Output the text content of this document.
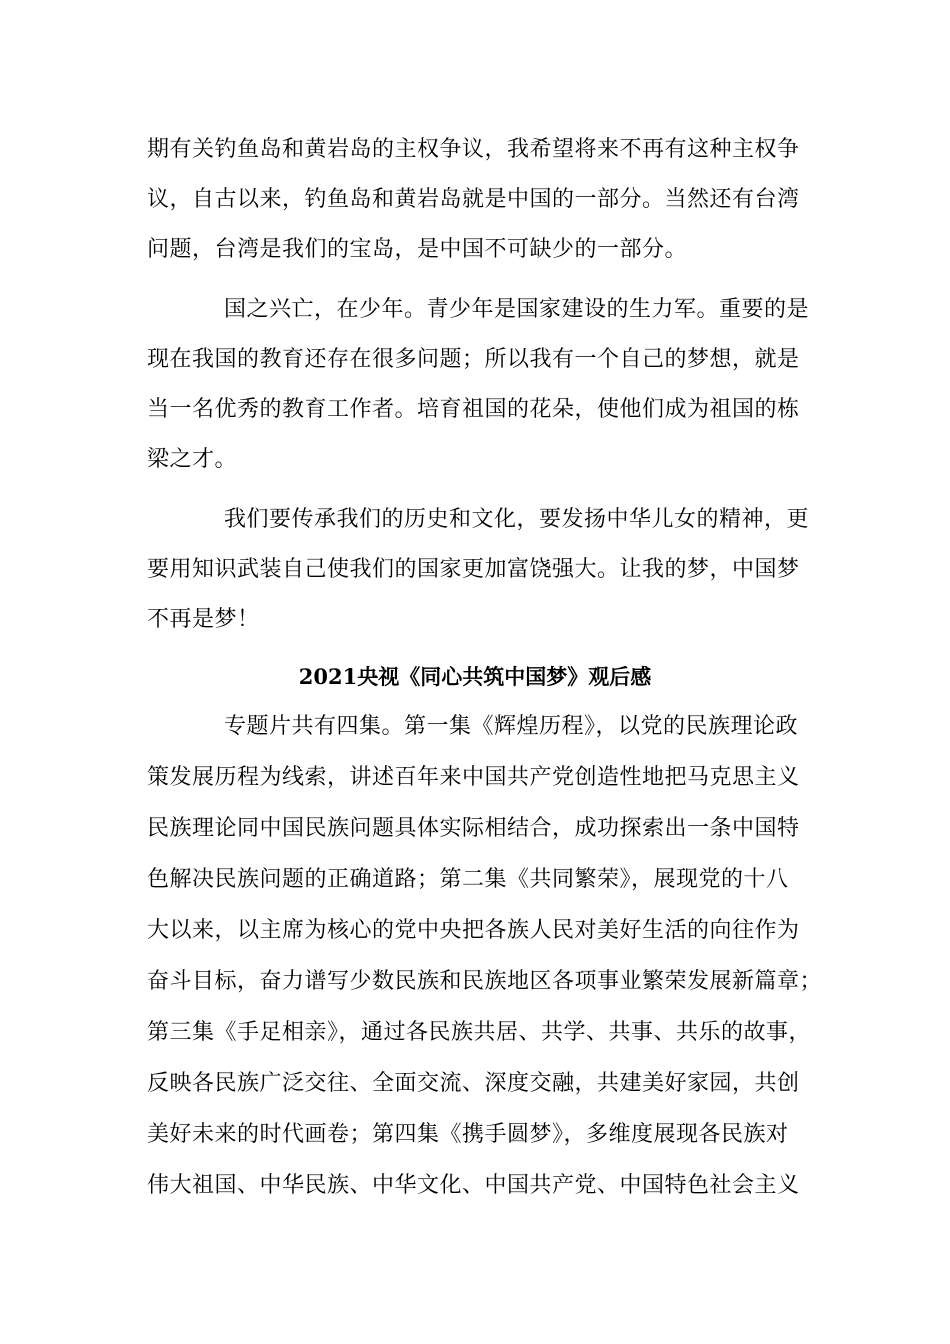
期有关钓鱼岛和黄岩岛的主权争议，我希望将来不再有这种主权争
议，自古以来，钓鱼岛和黄岩岛就是中国的一部分。当然还有台湾
问题，台湾是我们的宝岛，是中国不可缺少的一部分。
国之兴亡，在少年。青少年是国家建设的生力军。重要的是
现在我国的教育还存在很多问题；所以我有一个自己的梦想，就是
当一名优秀的教育工作者。培育祖国的花朵，使他们成为祖国的栋
梁之才。
我们要传承我们的历史和文化，要发扬中华儿女的精神，更
要用知识武装自己使我们的国家更加富饶强大。让我的梦，中国梦
不再是梦！
2021央视《同心共筑中国梦》观后感
专题片共有四集。第一集《辉煌历程》，以党的民族理论政
策发展历程为线索，讲述百年来中国共产党创造性地把马克思主义
民族理论同中国民族问题具体实际相结合，成功探索出一条中国特
色解决民族问题的正确道路；第二集《共同繁荣》，展现党的十八
大以来，以主席为核心的党中央把各族人民对美好生活的向往作为
奋斗目标，奋力谱写少数民族和民族地区各项事业繁荣发展新篇章；
第三集《手足相亲》，通过各民族共居、共学、共事、共乐的故事，
反映各民族广泛交往、全面交流、深度交融，共建美好家园，共创
美好未来的时代画卷；第四集《携手圆梦》，多维度展现各民族对
伟大祖国、中华民族、中华文化、中国共产党、中国特色社会主义
